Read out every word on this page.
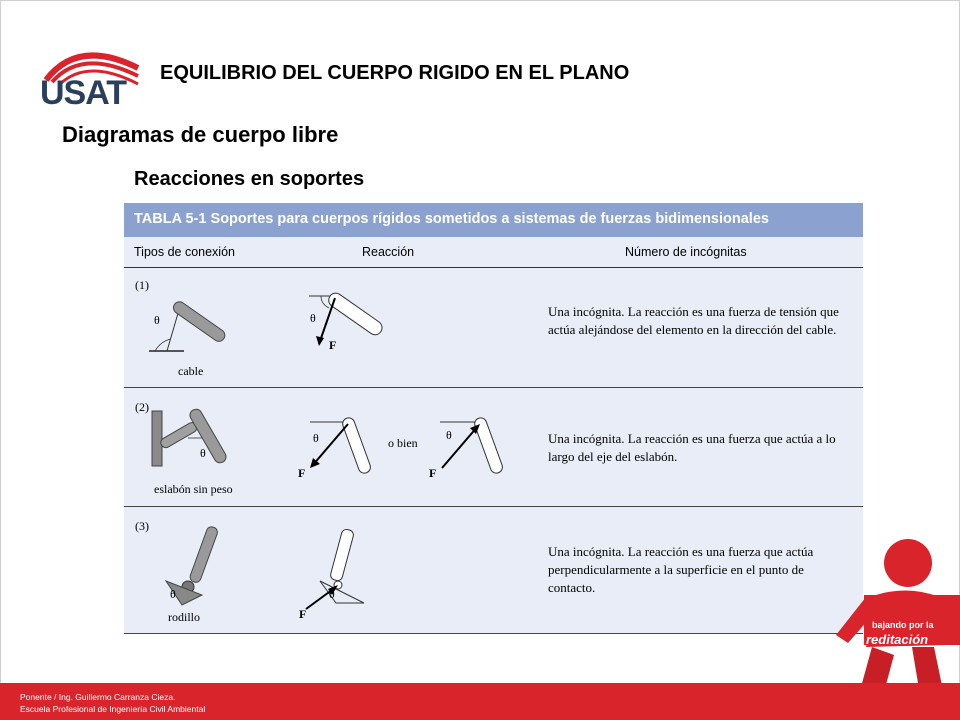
USAT
EQUILIBRIO DEL CUERPO RIGIDO EN EL PLANO
Diagramas de cuerpo libre
Reacciones en soportes
TABLA 5-1 Soportes para cuerpos rígidos sometidos a sistemas de fuerzas bidimensionales
Tipos de conexión	Reacción	Número de incógnitas
(1)
θ
cable
θ
F
Una incógnita. La reacción es una fuerza de tensión que actúa alejándose del elemento en la dirección del cable.
(2)
θ
eslabón sin peso
θ
F
o bien
θ
F
Una incógnita. La reacción es una fuerza que actúa a lo largo del eje del eslabón.
(3)
θ
rodillo
θ
F
Una incógnita. La reacción es una fuerza que actúa perpendicularmente a la superficie en el punto de contacto.
bajando por la
reditación
Ponente / Ing. Guillermo Carranza Cieza.
Escuela Profesional de Ingeniería Civil Ambiental
